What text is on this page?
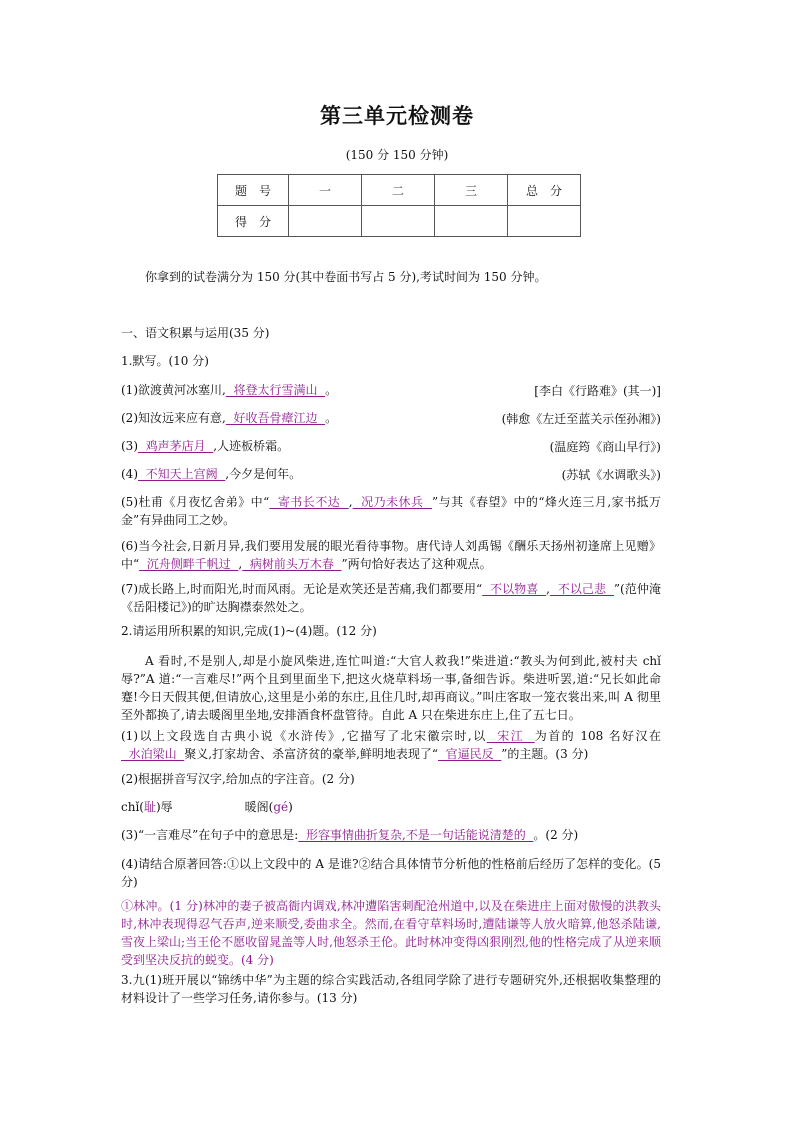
第三单元检测卷
(150 分 150 分钟)
题　号	一	二	三	总　分
得　分				
你拿到的试卷满分为 150 分(其中卷面书写占 5 分),考试时间为 150 分钟。
一、语文积累与运用(35 分)
1.默写。(10 分)
(1)欲渡黄河冰塞川,  将登太行雪满山  。	[李白《行路难》(其一)]
(2)知汝远来应有意,  好收吾骨瘴江边  。	(韩愈《左迁至蓝关示侄孙湘》)
(3)  鸡声茅店月  ,人迹板桥霜。	(温庭筠《商山早行》)
(4)  不知天上宫阙  ,今夕是何年。	(苏轼《水调歌头》)
(5)杜甫《月夜忆舍弟》中“  寄书长不达  ,  况乃未休兵  ”与其《春望》中的“烽火连三月,家书抵万金”有异曲同工之妙。
(6)当今社会,日新月异,我们要用发展的眼光看待事物。唐代诗人刘禹锡《酬乐天扬州初逢席上见赠》中“  沉舟侧畔千帆过  ,  病树前头万木春  ”两句恰好表达了这种观点。
(7)成长路上,时而阳光,时而风雨。无论是欢笑还是苦痛,我们都要用“  不以物喜  ,  不以己悲  ”(范仲淹《岳阳楼记》)的旷达胸襟泰然处之。
2.请运用所积累的知识,完成(1)~(4)题。(12 分)
A 看时,不是别人,却是小旋风柴进,连忙叫道:“大官人救我!”柴进道:“教头为何到此,被村夫 chǐ 辱?”A 道:“一言难尽!”两个且到里面坐下,把这火烧草料场一事,备细告诉。柴进听罢,道:“兄长如此命蹇!今日天假其便,但请放心,这里是小弟的东庄,且住几时,却再商议。”叫庄客取一笼衣裳出来,叫 A 彻里至外都换了,请去暖阁里坐地,安排酒食杯盘管待。自此 A 只在柴进东庄上,住了五七日。
(1)以上文段选自古典小说《水浒传》,它描写了北宋徽宗时,以  宋江  为首的 108 名好汉在  水泊梁山  聚义,打家劫舍、杀富济贫的豪举,鲜明地表现了“  官逼民反  ”的主题。(3 分)
(2)根据拼音写汉字,给加点的字注音。(2 分)
chǐ(耻)辱	暖阁(gé)
(3)“一言难尽”在句子中的意思是:  形容事情曲折复杂,不是一句话能说清楚的  。(2 分)
(4)请结合原著回答:①以上文段中的 A 是谁?②结合具体情节分析他的性格前后经历了怎样的变化。(5 分)
①林冲。(1 分)林冲的妻子被高衙内调戏,林冲遭陷害刺配沧州道中,以及在柴进庄上面对傲慢的洪教头时,林冲表现得忍气吞声,逆来顺受,委曲求全。然而,在看守草料场时,遭陆谦等人放火暗算,他怒杀陆谦,雪夜上梁山;当王伦不愿收留晁盖等人时,他怒杀王伦。此时林冲变得凶狠刚烈,他的性格完成了从逆来顺受到坚决反抗的蜕变。(4 分)
3.九(1)班开展以“锦绣中华”为主题的综合实践活动,各组同学除了进行专题研究外,还根据收集整理的材料设计了一些学习任务,请你参与。(13 分)
